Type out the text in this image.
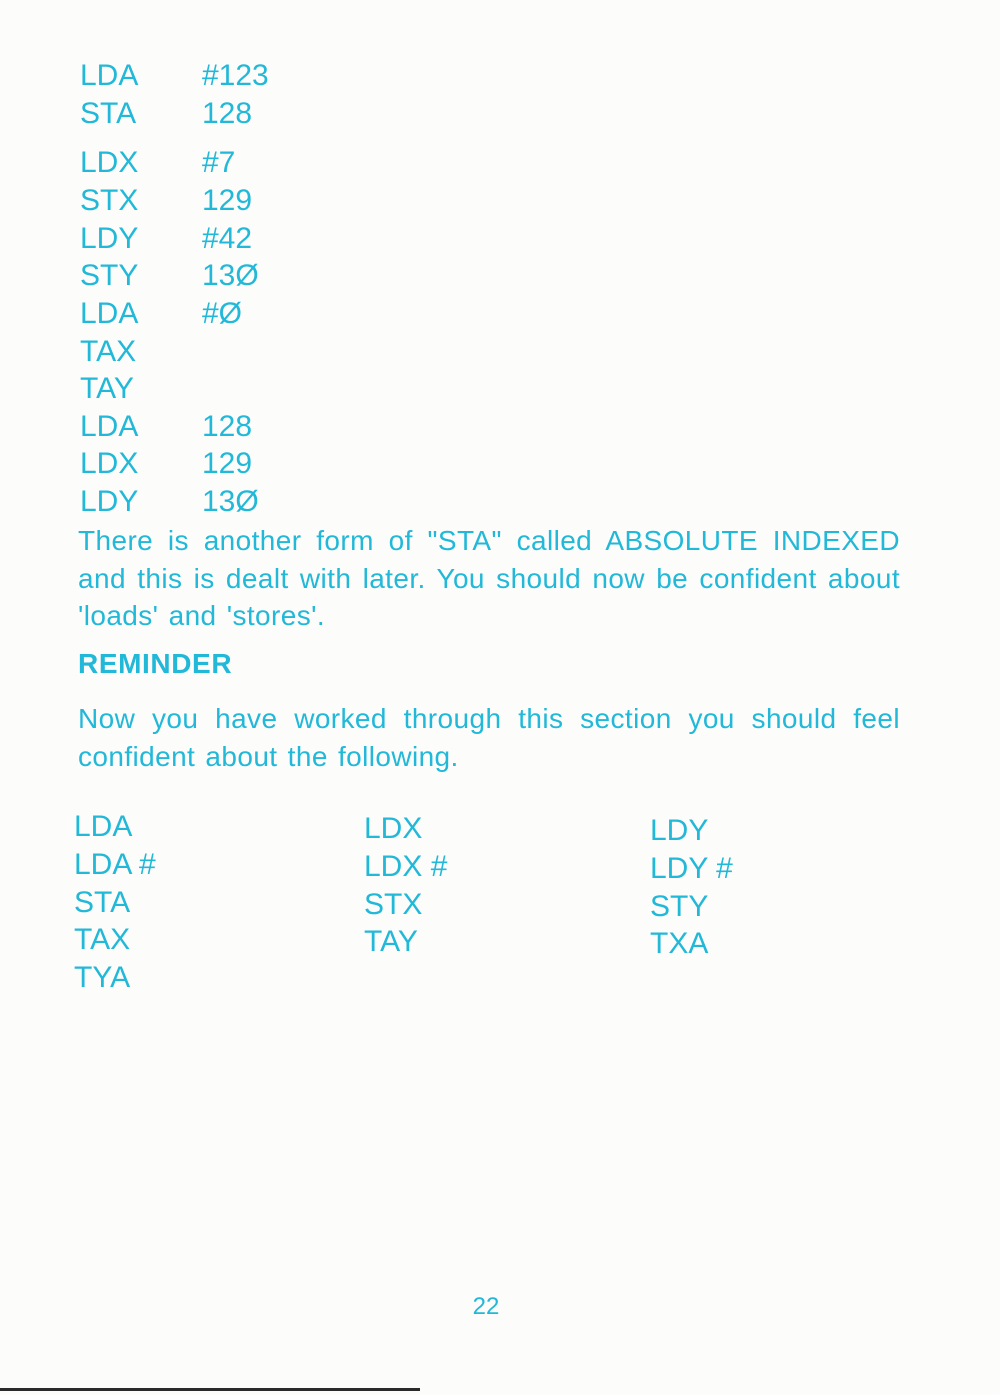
LDA #123
STA 128
LDX #7
STX 129
LDY #42
STY 13Ø
LDA #Ø
TAX
TAY
LDA 128
LDX 129
LDY 13Ø

There is another form of "STA" called ABSOLUTE INDEXED and this is dealt with later. You should now be confident about 'loads' and 'stores'.

REMINDER

Now you have worked through this section you should feel confident about the following.

LDA
LDA #
STA
TAX
TYA
LDX
LDX #
STX
TAY
LDY
LDY #
STY
TXA
22
